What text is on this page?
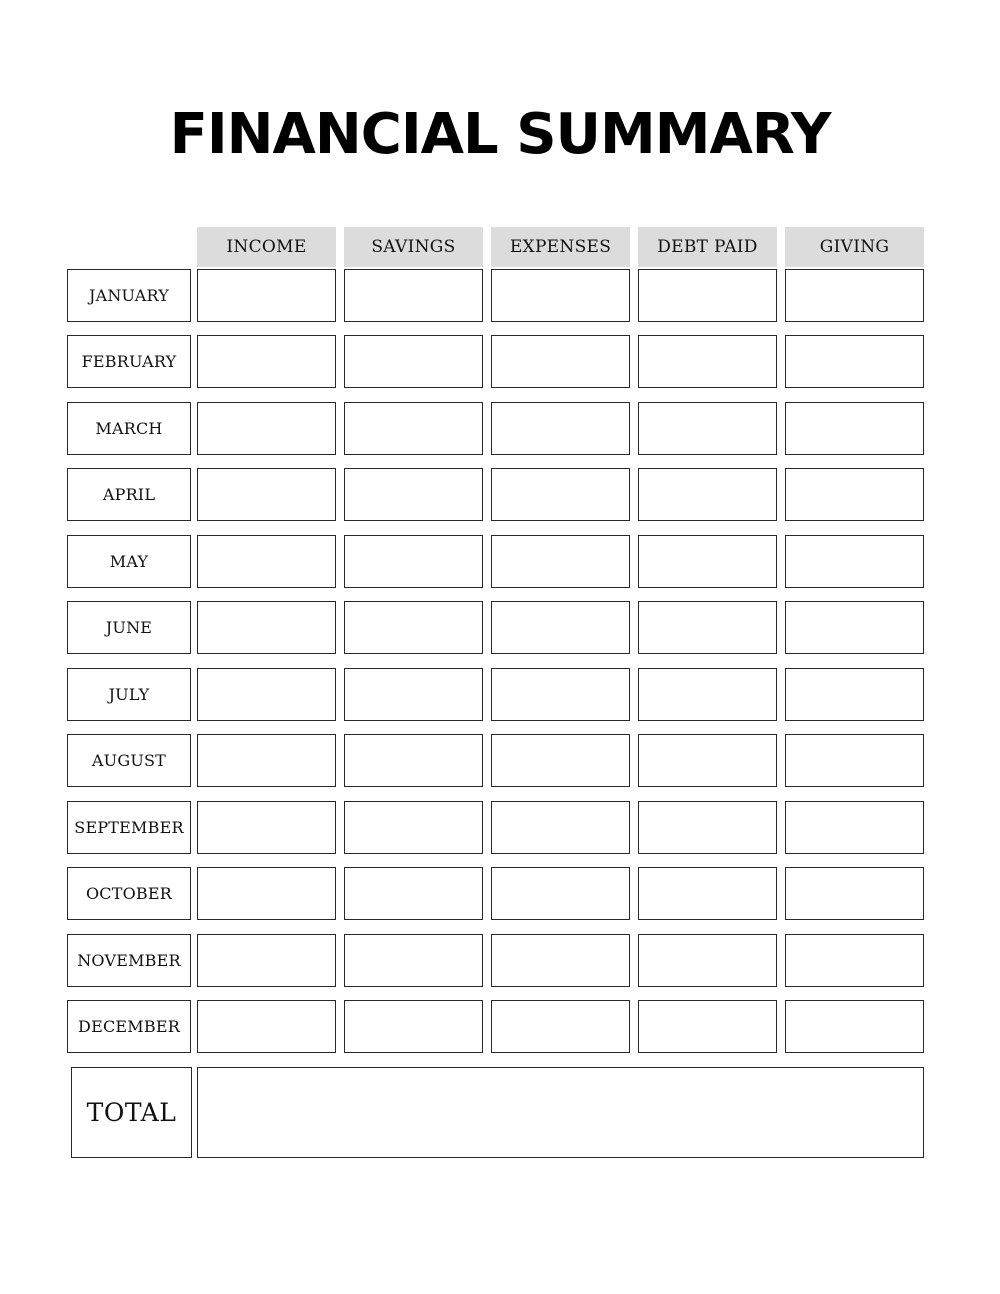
FINANCIAL SUMMARY
INCOME	SAVINGS	EXPENSES	DEBT PAID	GIVING
JANUARY
FEBRUARY
MARCH
APRIL
MAY
JUNE
JULY
AUGUST
SEPTEMBER
OCTOBER
NOVEMBER
DECEMBER
TOTAL
